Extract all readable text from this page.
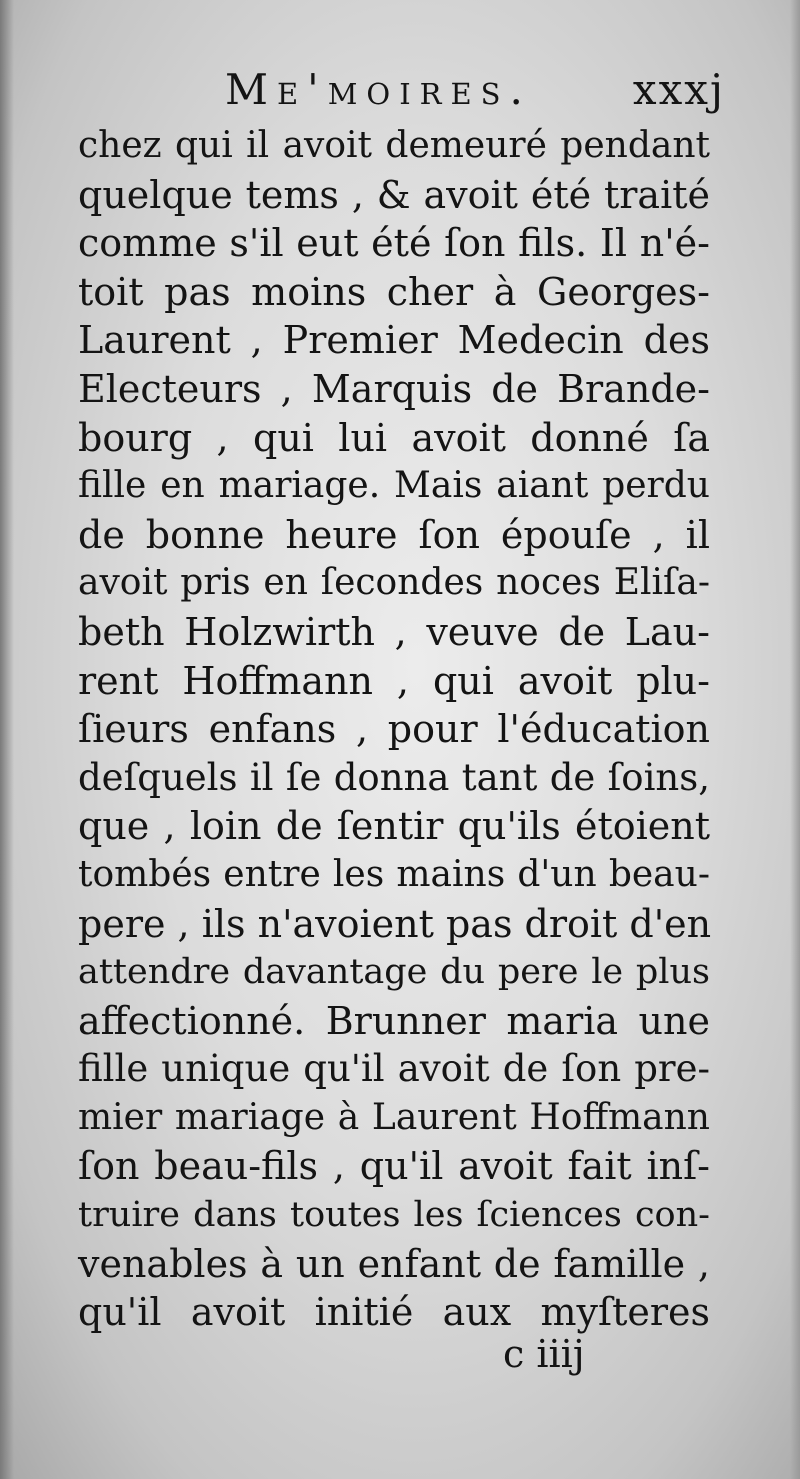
Me'moires. xxxj
chez qui il avoit demeuré pendant
quelque tems , & avoit été traité
comme s'il eut été ſon fils. Il n'é-
toit pas moins cher à Georges-
Laurent , Premier Medecin des
Electeurs , Marquis de Brande-
bourg , qui lui avoit donné ſa
fille en mariage. Mais aiant perdu
de bonne heure ſon épouſe , il
avoit pris en ſecondes noces Eliſa-
beth Holzwirth , veuve de Lau-
rent Hoffmann , qui avoit plu-
ſieurs enfans , pour l'éducation
deſquels il ſe donna tant de ſoins,
que , loin de ſentir qu'ils étoient
tombés entre les mains d'un beau-
pere , ils n'avoient pas droit d'en
attendre davantage du pere le plus
affectionné. Brunner maria une
fille unique qu'il avoit de ſon pre-
mier mariage à Laurent Hoffmann
ſon beau-fils , qu'il avoit fait inſ-
truire dans toutes les ſciences con-
venables à un enfant de famille ,
qu'il avoit initié aux myſteres
c iiij
